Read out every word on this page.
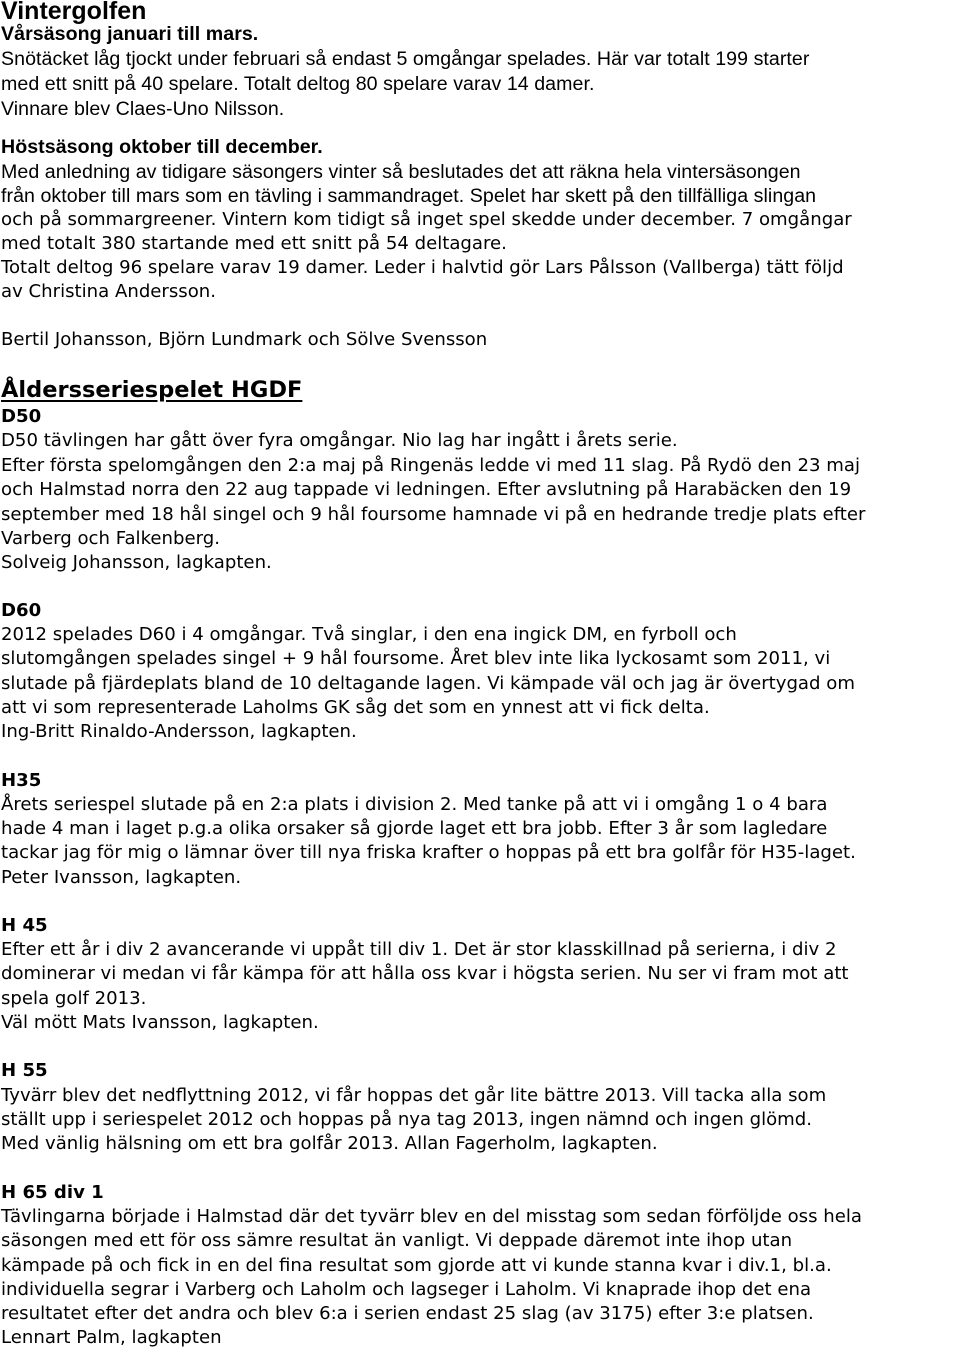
Vintergolfen
Vårsäsong januari till mars.
Snötäcket låg tjockt under februari så endast 5 omgångar spelades. Här var totalt 199 starter
med ett snitt på 40 spelare. Totalt deltog 80 spelare varav 14 damer.
Vinnare blev Claes-Uno Nilsson.
Höstsäsong oktober till december.
Med anledning av tidigare säsongers vinter så beslutades det att räkna hela vintersäsongen
från oktober till mars som en tävling i sammandraget. Spelet har skett på den tillfälliga slingan
och på sommargreener. Vintern kom tidigt så inget spel skedde under december. 7 omgångar
med totalt 380 startande med ett snitt på 54 deltagare.
Totalt deltog 96 spelare varav 19 damer. Leder i halvtid gör Lars Pålsson (Vallberga) tätt följd
av Christina Andersson.
Bertil Johansson, Björn Lundmark och Sölve Svensson
Åldersseriespelet HGDF
D50
D50 tävlingen har gått över fyra omgångar. Nio lag har ingått i årets serie.
Efter första spelomgången den 2:a maj på Ringenäs ledde vi med 11 slag. På Rydö den 23 maj
och Halmstad norra den 22 aug tappade vi ledningen. Efter avslutning på Harabäcken den 19
september med 18 hål singel och 9 hål foursome hamnade vi på en hedrande tredje plats efter
Varberg och Falkenberg.
Solveig Johansson, lagkapten.
D60
2012 spelades D60 i 4 omgångar. Två singlar, i den ena ingick DM, en fyrboll och
slutomgången spelades singel + 9 hål foursome. Året blev inte lika lyckosamt som 2011, vi
slutade på fjärdeplats bland de 10 deltagande lagen. Vi kämpade väl och jag är övertygad om
att vi som representerade Laholms GK såg det som en ynnest att vi fick delta.
Ing-Britt Rinaldo-Andersson, lagkapten.
H35
Årets seriespel slutade på en 2:a plats i division 2. Med tanke på att vi i omgång 1 o 4 bara
hade 4 man i laget p.g.a olika orsaker så gjorde laget ett bra jobb. Efter 3 år som lagledare
tackar jag för mig o lämnar över till nya friska krafter o hoppas på ett bra golfår för H35-laget.
Peter Ivansson, lagkapten.
H 45
Efter ett år i div 2 avancerande vi uppåt till div 1. Det är stor klasskillnad på serierna, i div 2
dominerar vi medan vi får kämpa för att hålla oss kvar i högsta serien. Nu ser vi fram mot att
spela golf 2013.
Väl mött Mats Ivansson, lagkapten.
H 55
Tyvärr blev det nedflyttning 2012, vi får hoppas det går lite bättre 2013. Vill tacka alla som
ställt upp i seriespelet 2012 och hoppas på nya tag 2013, ingen nämnd och ingen glömd.
Med vänlig hälsning om ett bra golfår 2013. Allan Fagerholm, lagkapten.
H 65 div 1
Tävlingarna började i Halmstad där det tyvärr blev en del misstag som sedan förföljde oss hela
säsongen med ett för oss sämre resultat än vanligt. Vi deppade däremot inte ihop utan
kämpade på och fick in en del fina resultat som gjorde att vi kunde stanna kvar i div.1, bl.a.
individuella segrar i Varberg och Laholm och lagseger i Laholm. Vi knaprade ihop det ena
resultatet efter det andra och blev 6:a i serien endast 25 slag (av 3175) efter 3:e platsen.
Lennart Palm, lagkapten
